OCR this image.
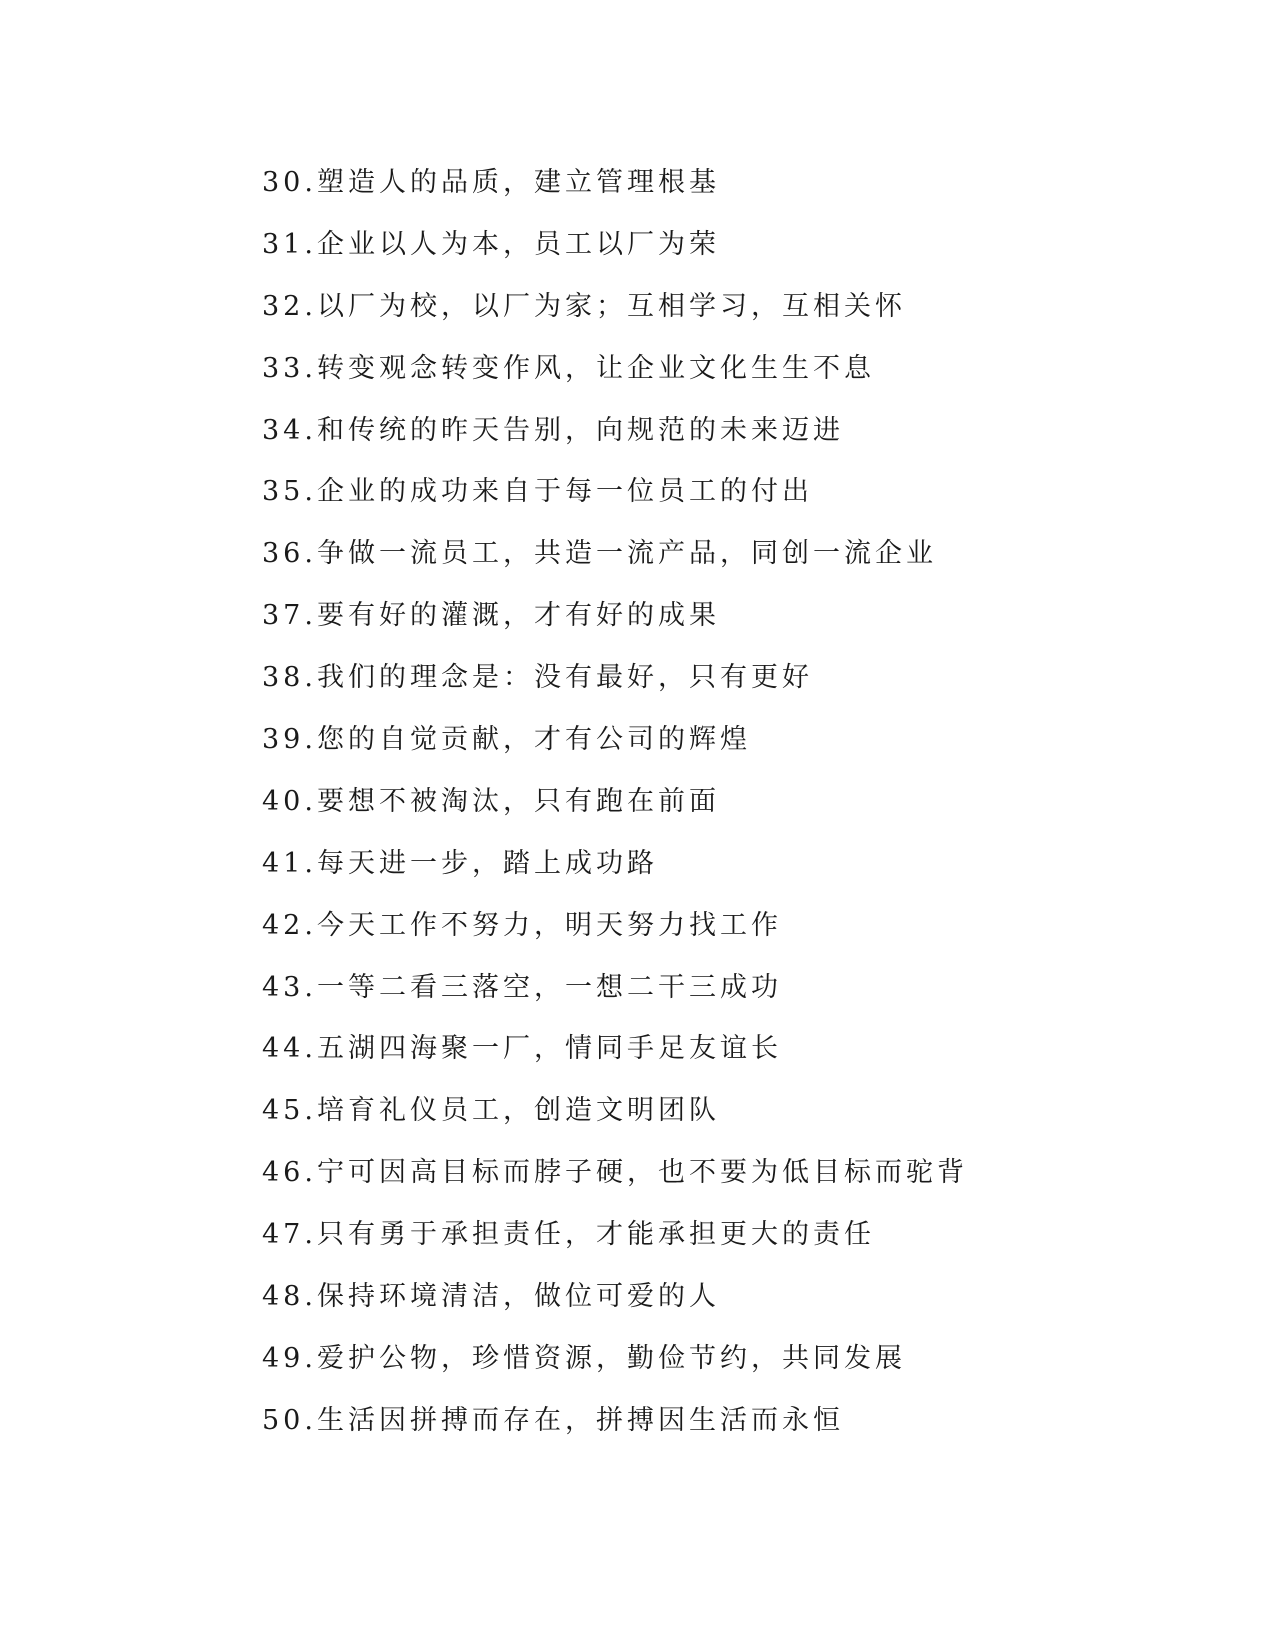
30.塑造人的品质，建立管理根基
31.企业以人为本，员工以厂为荣
32.以厂为校，以厂为家；互相学习，互相关怀
33.转变观念转变作风，让企业文化生生不息
34.和传统的昨天告别，向规范的未来迈进
35.企业的成功来自于每一位员工的付出
36.争做一流员工，共造一流产品，同创一流企业
37.要有好的灌溉，才有好的成果
38.我们的理念是：没有最好，只有更好
39.您的自觉贡献，才有公司的辉煌
40.要想不被淘汰，只有跑在前面
41.每天进一步，踏上成功路
42.今天工作不努力，明天努力找工作
43.一等二看三落空，一想二干三成功
44.五湖四海聚一厂，情同手足友谊长
45.培育礼仪员工，创造文明团队
46.宁可因高目标而脖子硬，也不要为低目标而驼背
47.只有勇于承担责任，才能承担更大的责任
48.保持环境清洁，做位可爱的人
49.爱护公物，珍惜资源，勤俭节约，共同发展
50.生活因拼搏而存在，拼搏因生活而永恒
